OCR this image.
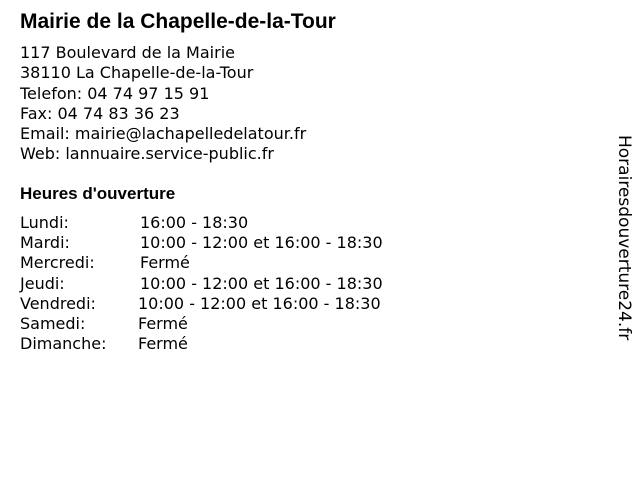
Mairie de la Chapelle-de-la-Tour
117 Boulevard de la Mairie
38110 La Chapelle-de-la-Tour
Telefon: 04 74 97 15 91
Fax: 04 74 83 36 23
Email: mairie@lachapelledelatour.fr
Web: lannuaire.service-public.fr
Heures d'ouverture
Lundi:	16:00 - 18:30
Mardi:	10:00 - 12:00 et 16:00 - 18:30
Mercredi:	Fermé
Jeudi:	10:00 - 12:00 et 16:00 - 18:30
Vendredi:	10:00 - 12:00 et 16:00 - 18:30
Samedi:	Fermé
Dimanche: Fermé
Horairesdouverture24.fr
